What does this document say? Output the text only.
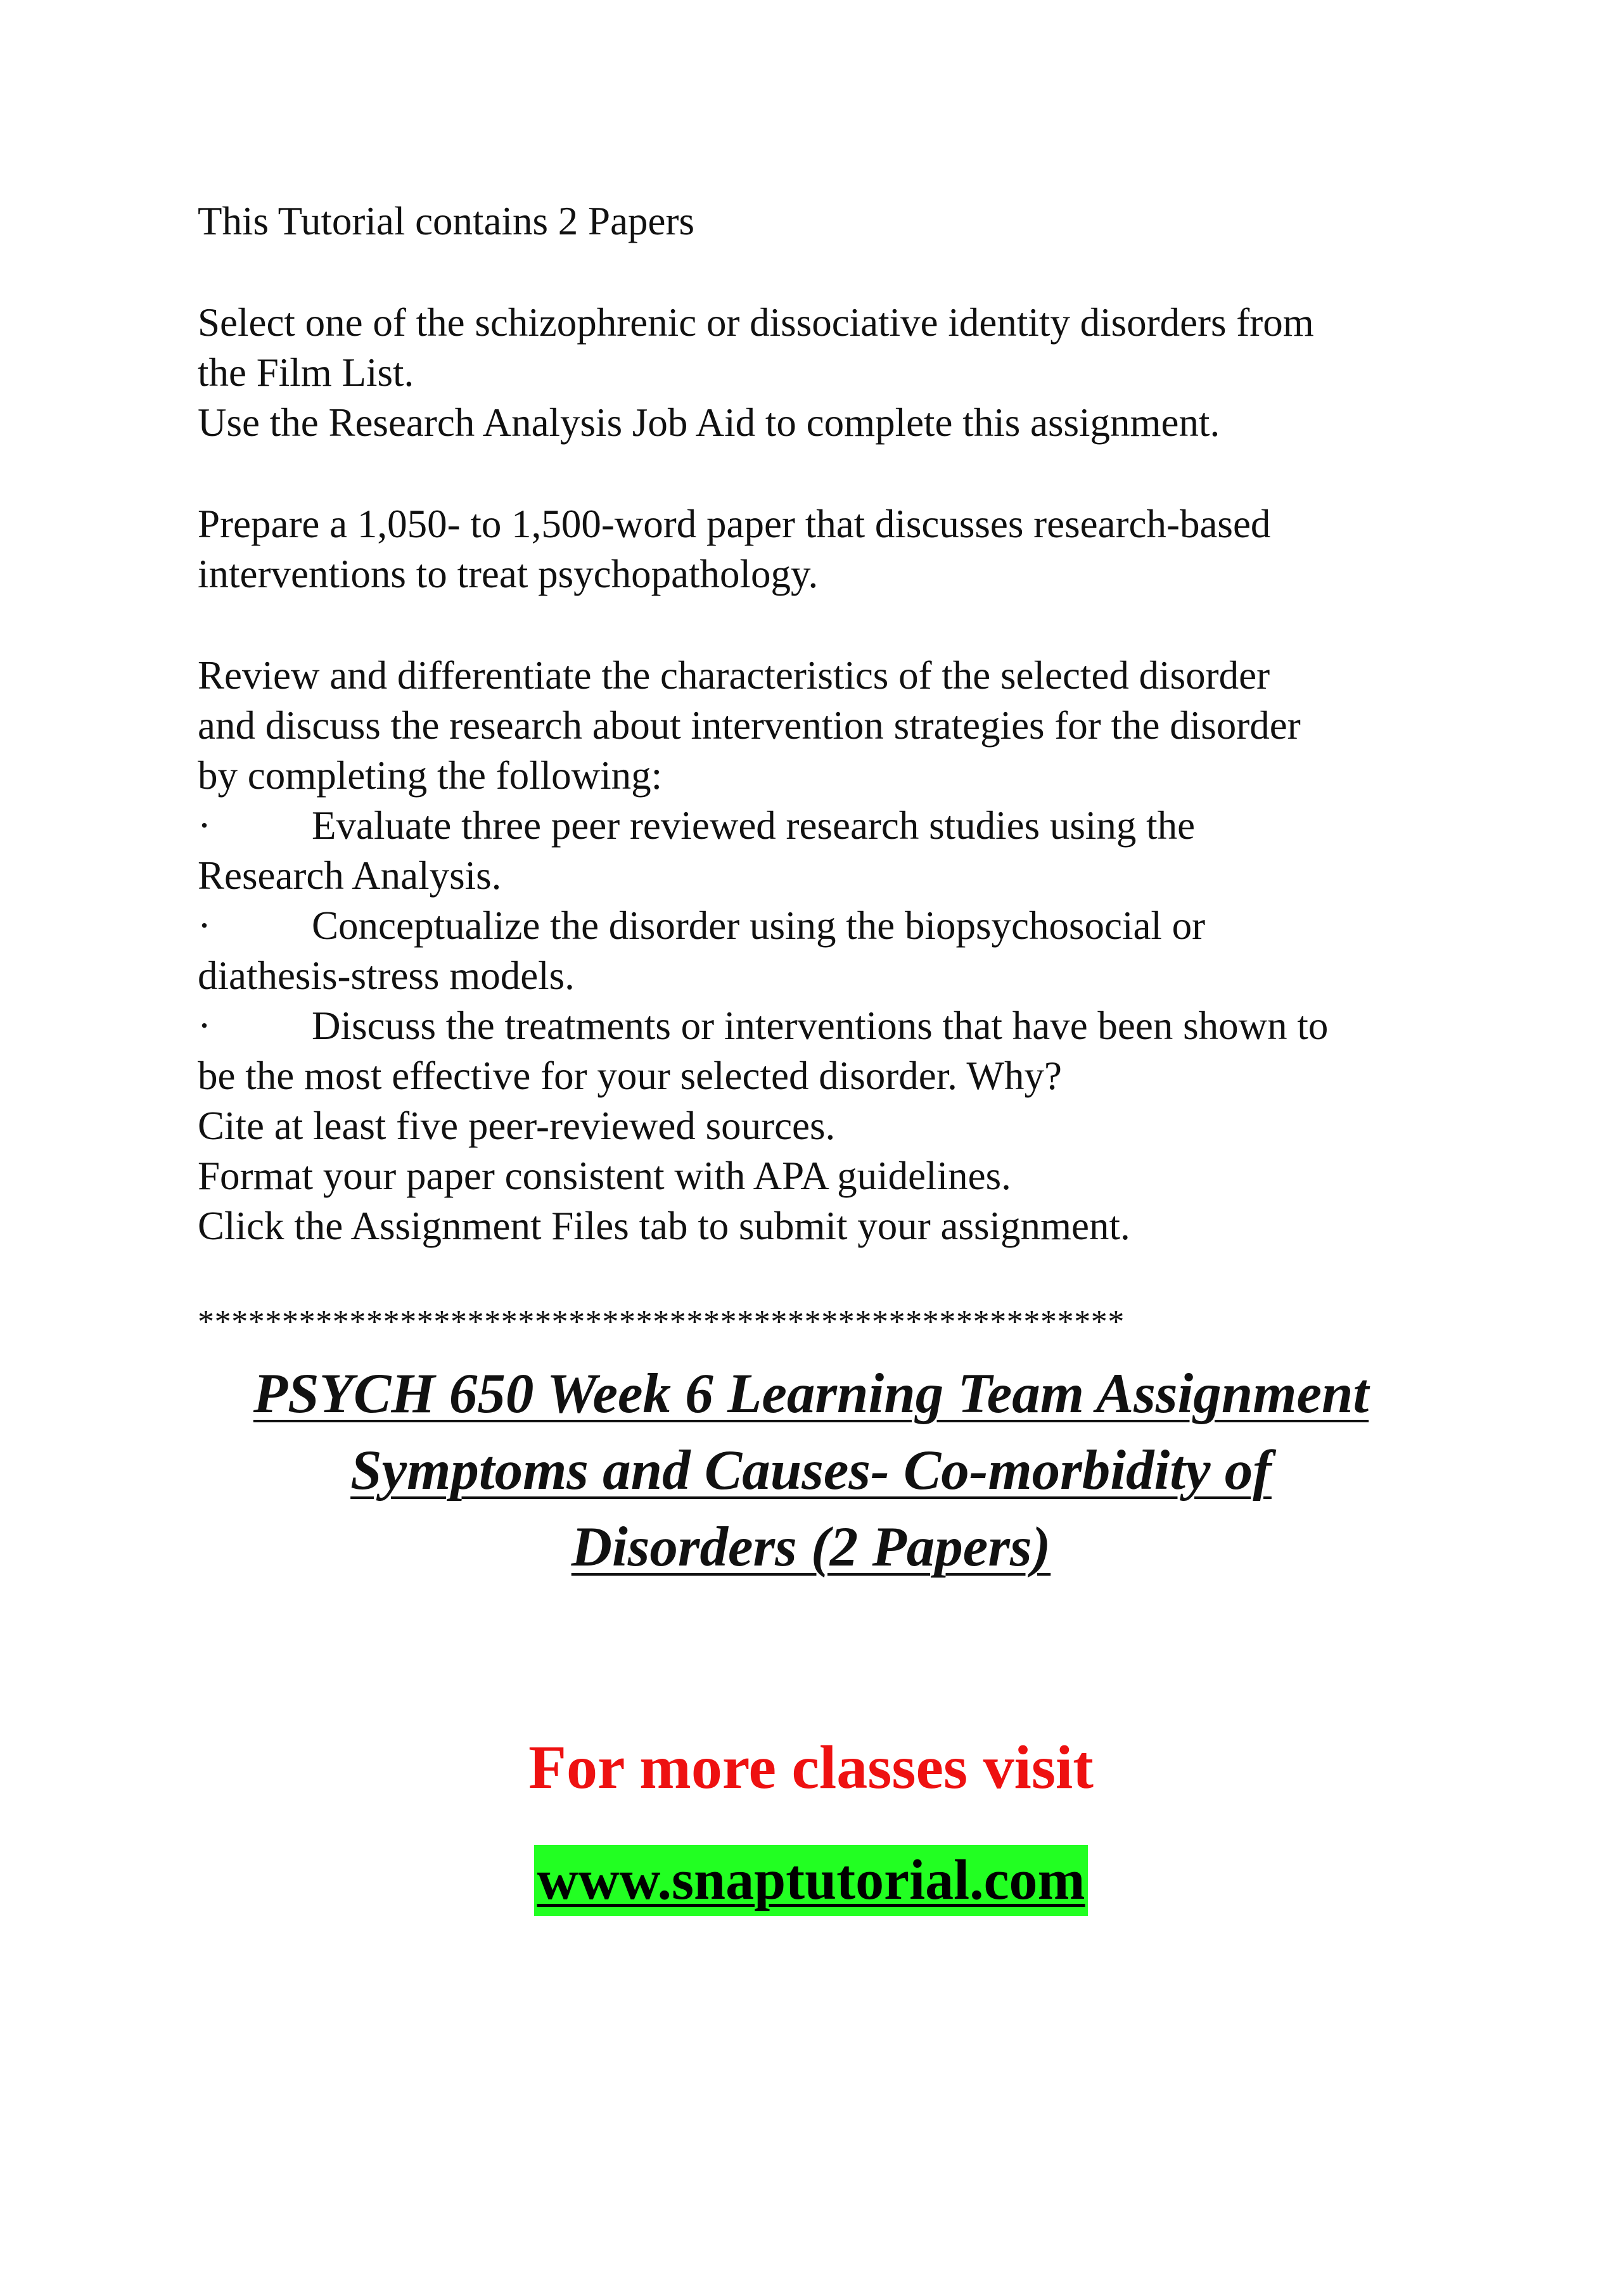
This Tutorial contains 2 Papers

Select one of the schizophrenic or dissociative identity disorders from
the Film List.
Use the Research Analysis Job Aid to complete this assignment.

Prepare a 1,050- to 1,500-word paper that discusses research-based
interventions to treat psychopathology.

Review and differentiate the characteristics of the selected disorder
and discuss the research about intervention strategies for the disorder
by completing the following:
·	Evaluate three peer reviewed research studies using the
Research Analysis.
·	Conceptualize the disorder using the biopsychosocial or
diathesis-stress models.
·	Discuss the treatments or interventions that have been shown to
be the most effective for your selected disorder. Why?
Cite at least five peer-reviewed sources.
Format your paper consistent with APA guidelines.
Click the Assignment Files tab to submit your assignment.

*******************************************************

PSYCH 650 Week 6 Learning Team Assignment
Symptoms and Causes- Co-morbidity of
Disorders (2 Papers)

For more classes visit

www.snaptutorial.com
